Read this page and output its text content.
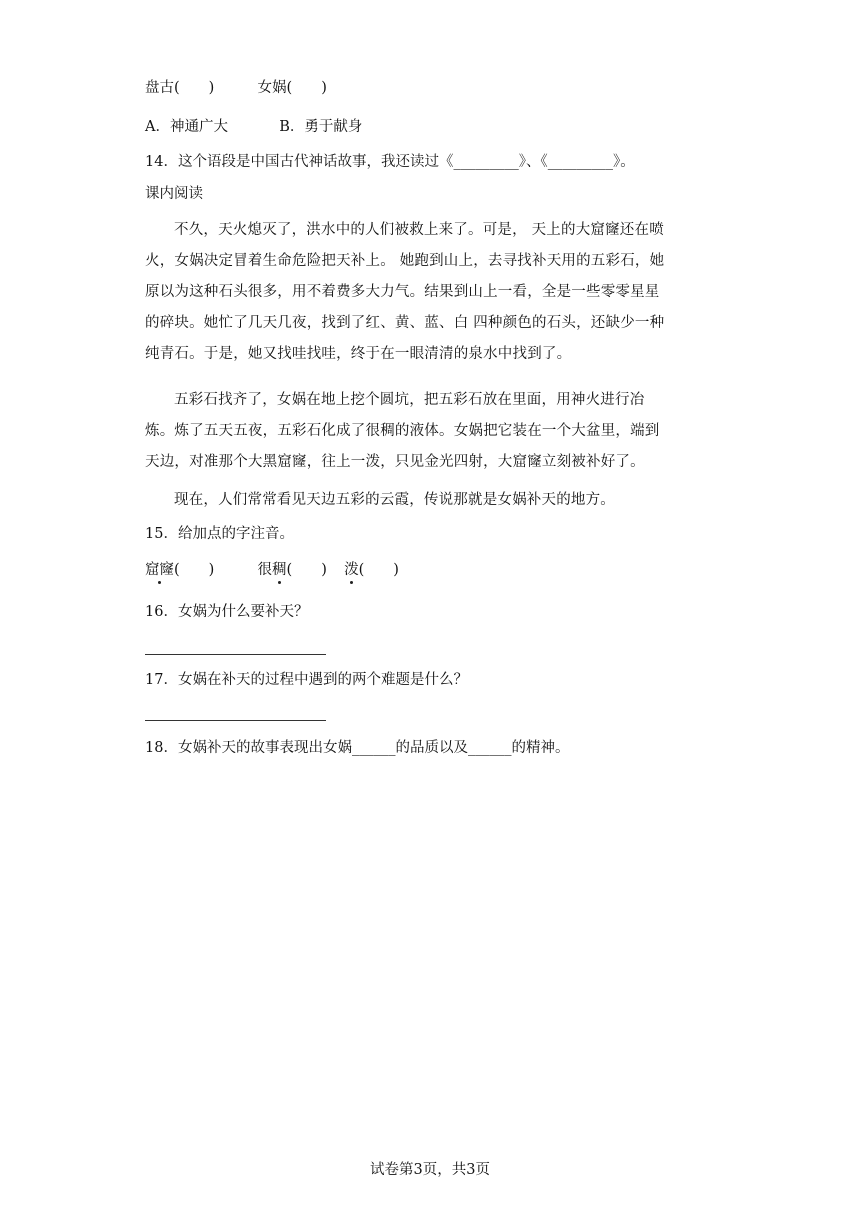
盘古(　　)	女娲(　　)
A．神通广大	B．勇于献身
14．这个语段是中国古代神话故事，我还读过《_________》、《_________》。
课内阅读
不久，天火熄灭了，洪水中的人们被救上来了。可是， 天上的大窟窿还在喷火，女娲决定冒着生命危险把天补上。 她跑到山上，去寻找补天用的五彩石，她原以为这种石头很多，用不着费多大力气。结果到山上一看，全是一些零零星星的碎块。她忙了几天几夜，找到了红、黄、蓝、白 四种颜色的石头，还缺少一种纯青石。于是，她又找哇找哇，终于在一眼清清的泉水中找到了。
五彩石找齐了，女娲在地上挖个圆坑，把五彩石放在里面，用神火进行冶炼。炼了五天五夜，五彩石化成了很稠的液体。女娲把它装在一个大盆里，端到天边，对准那个大黑窟窿，往上一泼，只见金光四射，大窟窿立刻被补好了。
现在，人们常常看见天边五彩的云霞，传说那就是女娲补天的地方。
15．给加点的字注音。
窟窿(　　)	很稠(　　) 泼(　　)
16．女娲为什么要补天？
17．女娲在补天的过程中遇到的两个难题是什么？
18．女娲补天的故事表现出女娲______的品质以及______的精神。
试卷第3页，共3页
